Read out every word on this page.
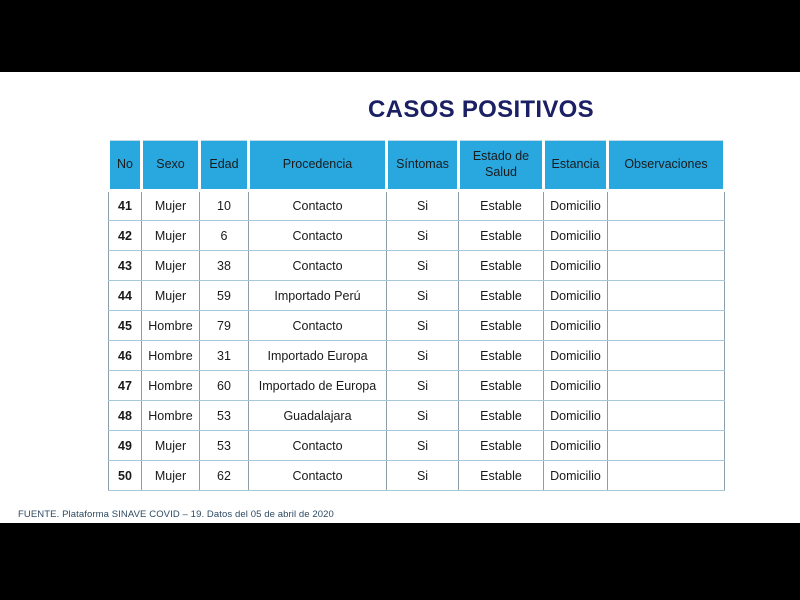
CASOS POSITIVOS
No	Sexo	Edad	Procedencia	Síntomas	Estado de Salud	Estancia	Observaciones
41	Mujer	10	Contacto	Si	Estable	Domicilio	
42	Mujer	6	Contacto	Si	Estable	Domicilio	
43	Mujer	38	Contacto	Si	Estable	Domicilio	
44	Mujer	59	Importado Perú	Si	Estable	Domicilio	
45	Hombre	79	Contacto	Si	Estable	Domicilio	
46	Hombre	31	Importado Europa	Si	Estable	Domicilio	
47	Hombre	60	Importado de Europa	Si	Estable	Domicilio	
48	Hombre	53	Guadalajara	Si	Estable	Domicilio	
49	Mujer	53	Contacto	Si	Estable	Domicilio	
50	Mujer	62	Contacto	Si	Estable	Domicilio	
FUENTE. Plataforma SINAVE COVID – 19. Datos del 05 de abril de 2020
